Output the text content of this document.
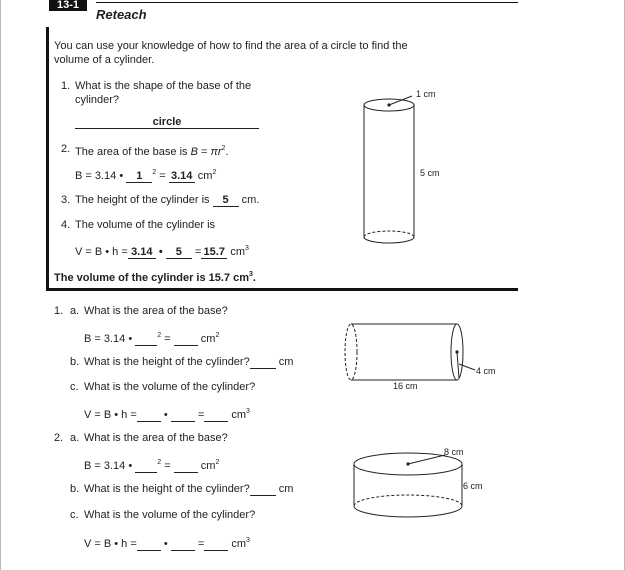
13-1
Reteach
You can use your knowledge of how to find the area of a circle to find the
volume of a cylinder.
1. What is the shape of the base of the
cylinder?
circle
2. The area of the base is $B = \pi r^2$.
B = 3.14 • 1 $^2$ = 3.14 $cm^2$
3. The height of the cylinder is 5 cm.
4. The volume of the cylinder is
V = B • h = 3.14 • 5 = 15.7 $cm^3$
The volume of the cylinder is 15.7 $cm^3$.
1 cm
5 cm
1. a. What is the area of the base?
B = 3.14 •	$^2 = cm^2$
b. What is the height of the cylinder?	cm
c. What is the volume of the cylinder?
V = B • h = •	= $cm^3$
4 cm
16 cm
2. a. What is the area of the base?
B = 3.14 •	$^2 = cm^2$
b. What is the height of the cylinder?	cm
c. What is the volume of the cylinder?
V = B • h = •	= $cm^3$
8 cm
6 cm
